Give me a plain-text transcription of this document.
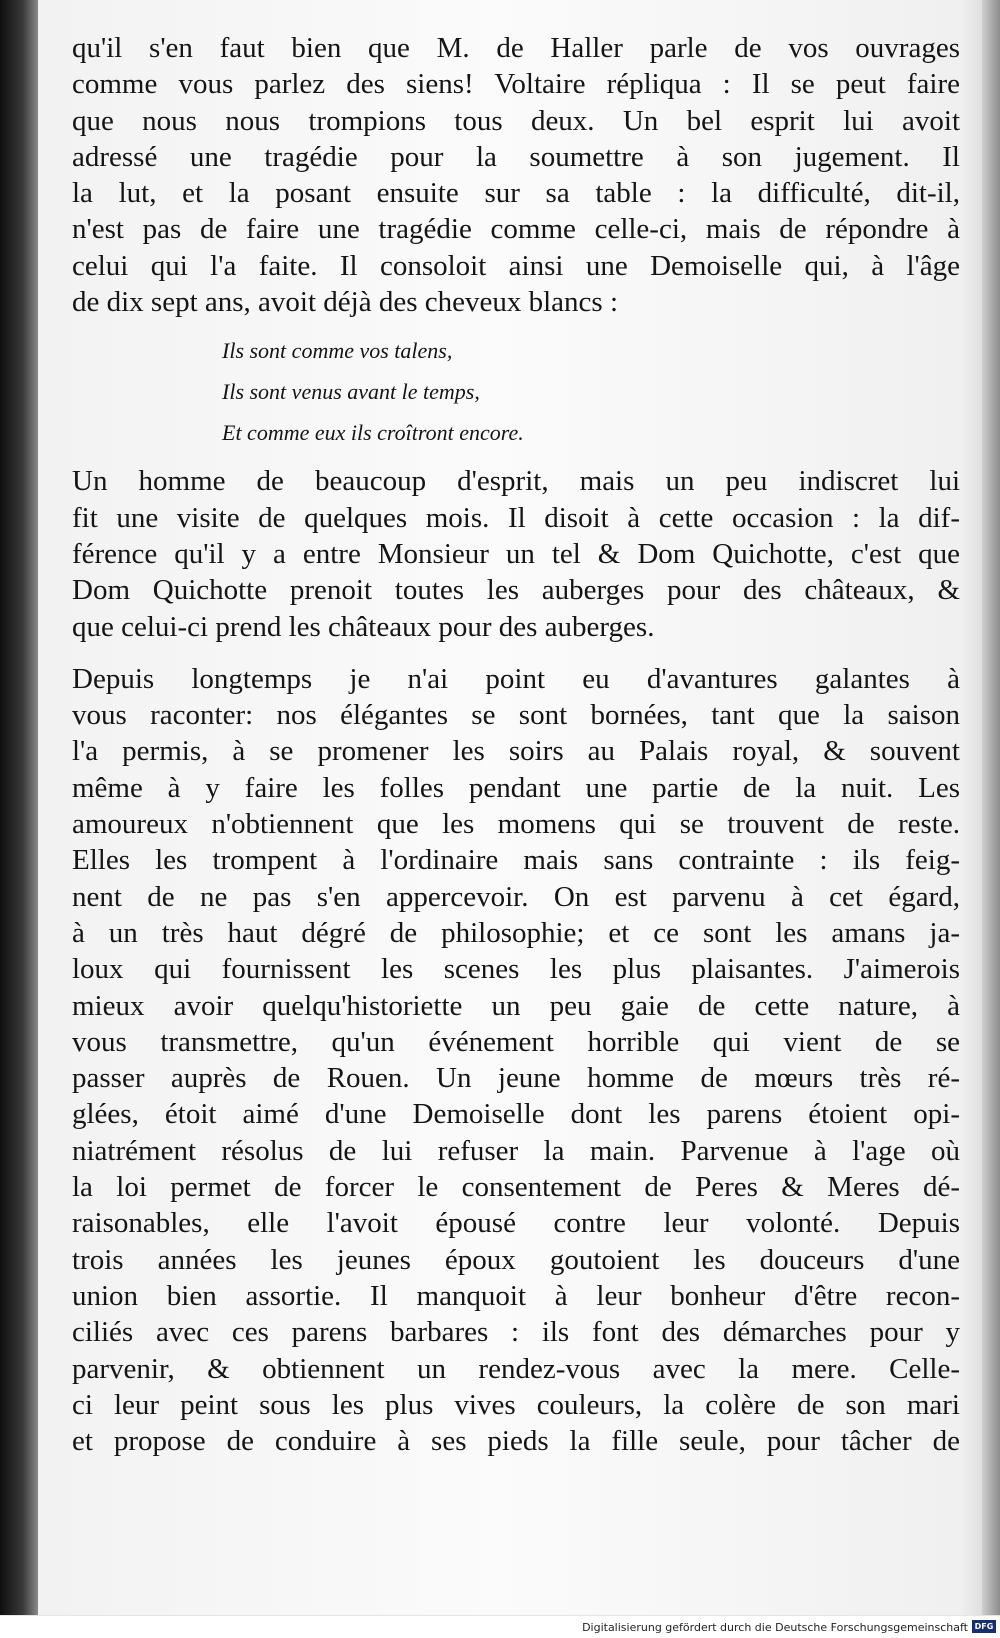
qu'il s'en faut bien que M. de Haller parle de vos ouvrages

comme vous parlez des siens! Voltaire répliqua : Il se peut faire

que nous nous trompions tous deux. Un bel esprit lui avoit

adressé une tragédie pour la soumettre à son jugement. Il

la lut, et la posant ensuite sur sa table : la difficulté, dit-il,

n'est pas de faire une tragédie comme celle-ci, mais de répondre à

celui qui l'a faite. Il consoloit ainsi une Demoiselle qui, à l'âge

de dix sept ans, avoit déjà des cheveux blancs :

Ils sont comme vos talens,
Ils sont venus avant le temps,
Et comme eux ils croîtront encore.

Un homme de beaucoup d'esprit, mais un peu indiscret lui

fit une visite de quelques mois. Il disoit à cette occasion : la dif-

férence qu'il y a entre Monsieur un tel & Dom Quichotte, c'est que

Dom Quichotte prenoit toutes les auberges pour des châteaux, &

que celui-ci prend les châteaux pour des auberges.

Depuis longtemps je n'ai point eu d'avantures galantes à

vous raconter: nos élégantes se sont bornées, tant que la saison

l'a permis, à se promener les soirs au Palais royal, & souvent

même à y faire les folles pendant une partie de la nuit. Les

amoureux n'obtiennent que les momens qui se trouvent de reste.

Elles les trompent à l'ordinaire mais sans contrainte : ils feig-

nent de ne pas s'en appercevoir. On est parvenu à cet égard,

à un très haut dégré de philosophie; et ce sont les amans ja-

loux qui fournissent les scenes les plus plaisantes. J'aimerois

mieux avoir quelqu'historiette un peu gaie de cette nature, à

vous transmettre, qu'un événement horrible qui vient de se

passer auprès de Rouen. Un jeune homme de mœurs très ré-

glées, étoit aimé d'une Demoiselle dont les parens étoient opi-

niatrément résolus de lui refuser la main. Parvenue à l'age où

la loi permet de forcer le consentement de Peres & Meres dé-

raisonables, elle l'avoit épousé contre leur volonté. Depuis

trois années les jeunes époux goutoient les douceurs d'une

union bien assortie. Il manquoit à leur bonheur d'être recon-

ciliés avec ces parens barbares : ils font des démarches pour y

parvenir, & obtiennent un rendez-vous avec la mere. Celle-

ci leur peint sous les plus vives couleurs, la colère de son mari

et propose de conduire à ses pieds la fille seule, pour tâcher de

Digitalisierung gefördert durch die Deutsche Forschungsgemeinschaft DFG
